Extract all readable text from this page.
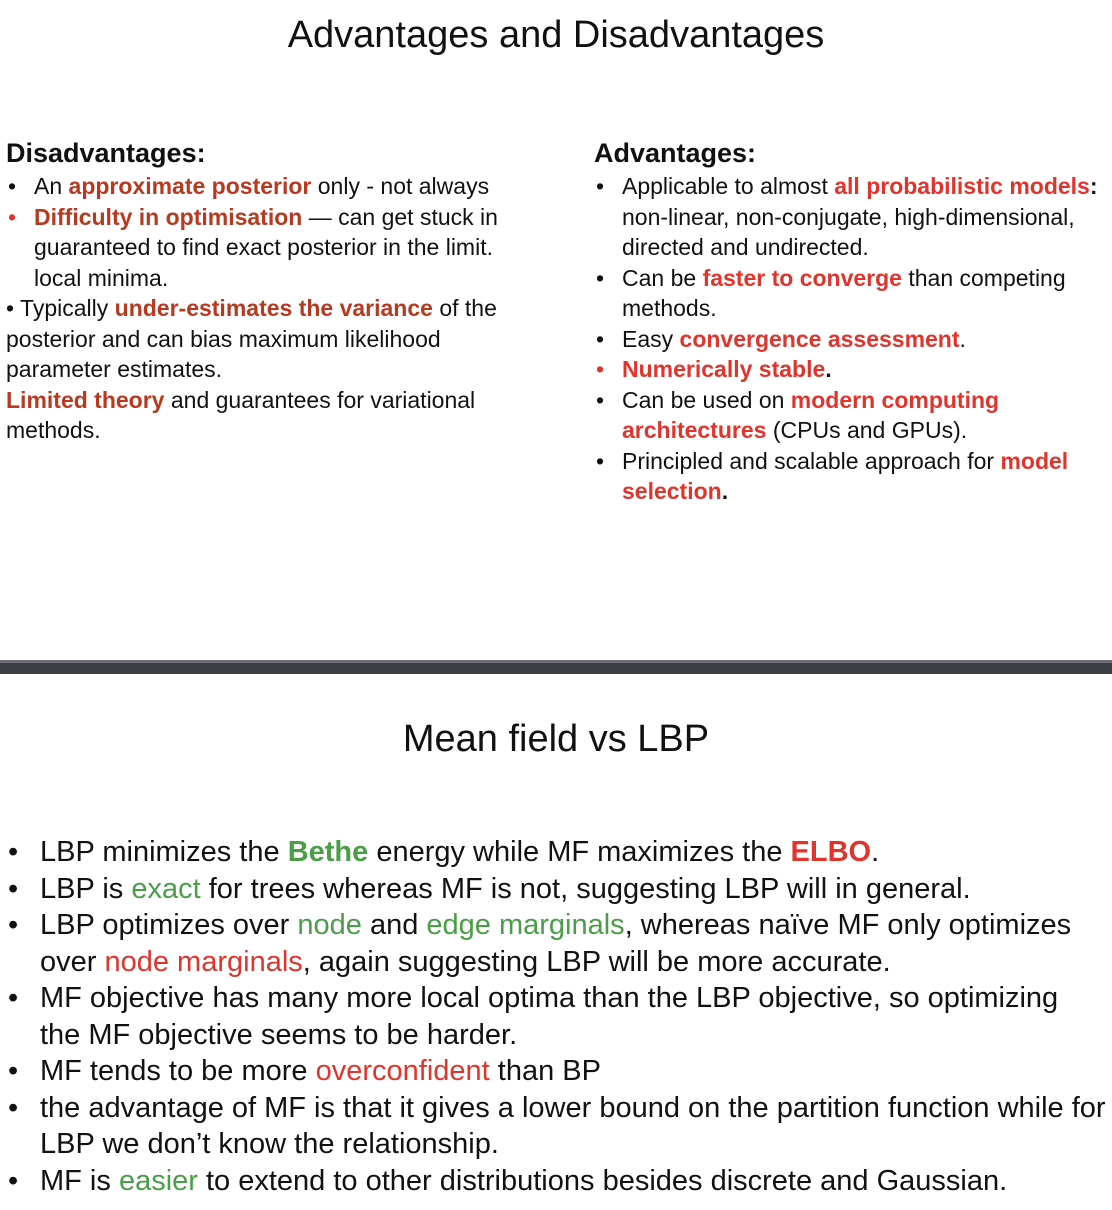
Advantages and Disadvantages
Disadvantages:
• An approximate posterior only - not always
• Difficulty in optimisation — can get stuck in guaranteed to find exact posterior in the limit. local minima.
• Typically under-estimates the variance of the posterior and can bias maximum likelihood parameter estimates.
Limited theory and guarantees for variational methods.
Advantages:
• Applicable to almost all probabilistic models: non-linear, non-conjugate, high-dimensional, directed and undirected.
• Can be faster to converge than competing methods.
• Easy convergence assessment.
• Numerically stable.
• Can be used on modern computing architectures (CPUs and GPUs).
• Principled and scalable approach for model selection.
Mean field vs LBP
• LBP minimizes the Bethe energy while MF maximizes the ELBO.
• LBP is exact for trees whereas MF is not, suggesting LBP will in general.
• LBP optimizes over node and edge marginals, whereas naïve MF only optimizes over node marginals, again suggesting LBP will be more accurate.
• MF objective has many more local optima than the LBP objective, so optimizing the MF objective seems to be harder.
• MF tends to be more overconfident than BP
• the advantage of MF is that it gives a lower bound on the partition function while for LBP we don’t know the relationship.
• MF is easier to extend to other distributions besides discrete and Gaussian.
